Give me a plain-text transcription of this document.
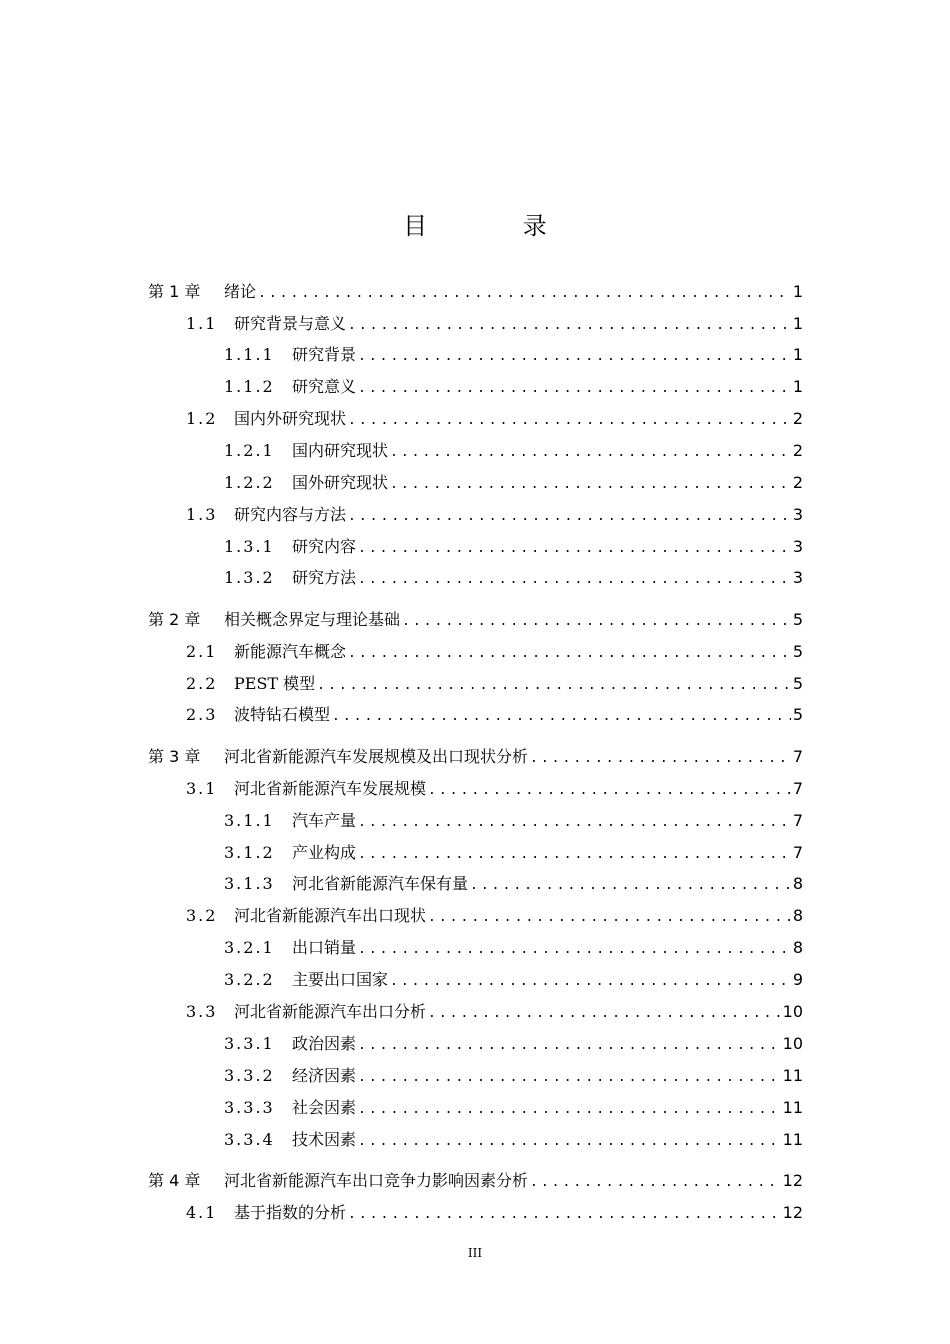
目 录
第 1 章	绪论 .....	1
1.1	研究背景与意义 .....	1
1.1.1	研究背景 .....	1
1.1.2	研究意义 .....	1
1.2	国内外研究现状 .....	2
1.2.1	国内研究现状 .....	2
1.2.2	国外研究现状 .....	2
1.3	研究内容与方法 .....	3
1.3.1	研究内容 .....	3
1.3.2	研究方法 .....	3
第 2 章	相关概念界定与理论基础 .....	5
2.1	新能源汽车概念 .....	5
2.2	PEST 模型 .....	5
2.3	波特钻石模型 .....	5
第 3 章	河北省新能源汽车发展规模及出口现状分析 .....	7
3.1	河北省新能源汽车发展规模 .....	7
3.1.1	汽车产量 .....	7
3.1.2	产业构成 .....	7
3.1.3	河北省新能源汽车保有量 .....	8
3.2	河北省新能源汽车出口现状 .....	8
3.2.1	出口销量 .....	8
3.2.2	主要出口国家 .....	9
3.3	河北省新能源汽车出口分析 .....	10
3.3.1	政治因素 .....	10
3.3.2	经济因素 .....	11
3.3.3	社会因素 .....	11
3.3.4	技术因素 .....	11
第 4 章	河北省新能源汽车出口竞争力影响因素分析 .....	12
4.1	基于指数的分析 .....	12
III
